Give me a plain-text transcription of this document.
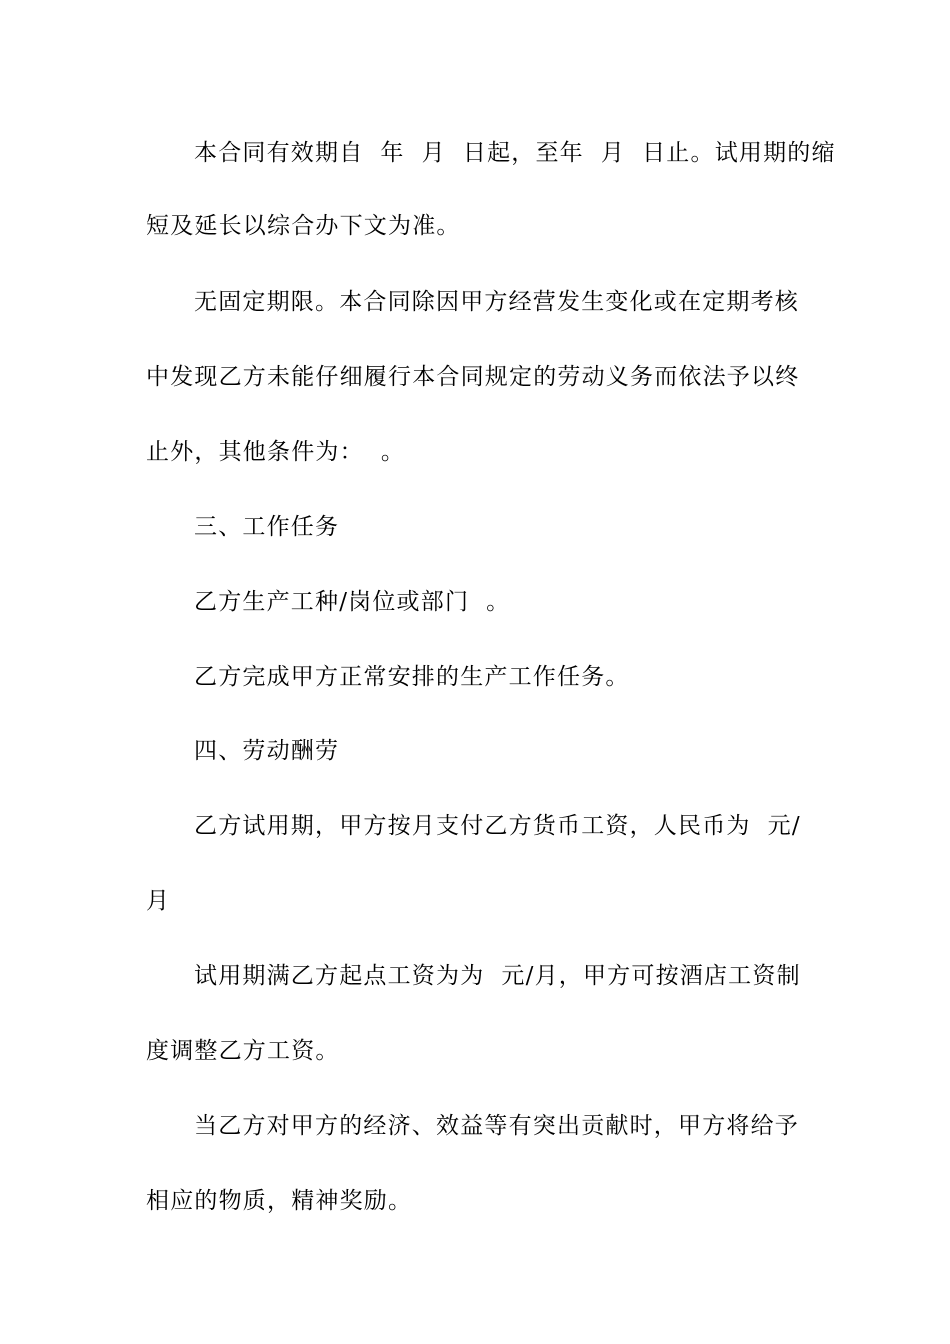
本合同有效期自  年  月  日起，至年  月  日止。试用期的缩
短及延长以综合办下文为准。
无固定期限。本合同除因甲方经营发生变化或在定期考核
中发现乙方未能仔细履行本合同规定的劳动义务而依法予以终
止外，其他条件为：  。
三、工作任务
乙方生产工种/岗位或部门  。
乙方完成甲方正常安排的生产工作任务。
四、劳动酬劳
乙方试用期，甲方按月支付乙方货币工资，人民币为  元/
月
试用期满乙方起点工资为为  元/月，甲方可按酒店工资制
度调整乙方工资。
当乙方对甲方的经济、效益等有突出贡献时，甲方将给予
相应的物质，精神奖励。
